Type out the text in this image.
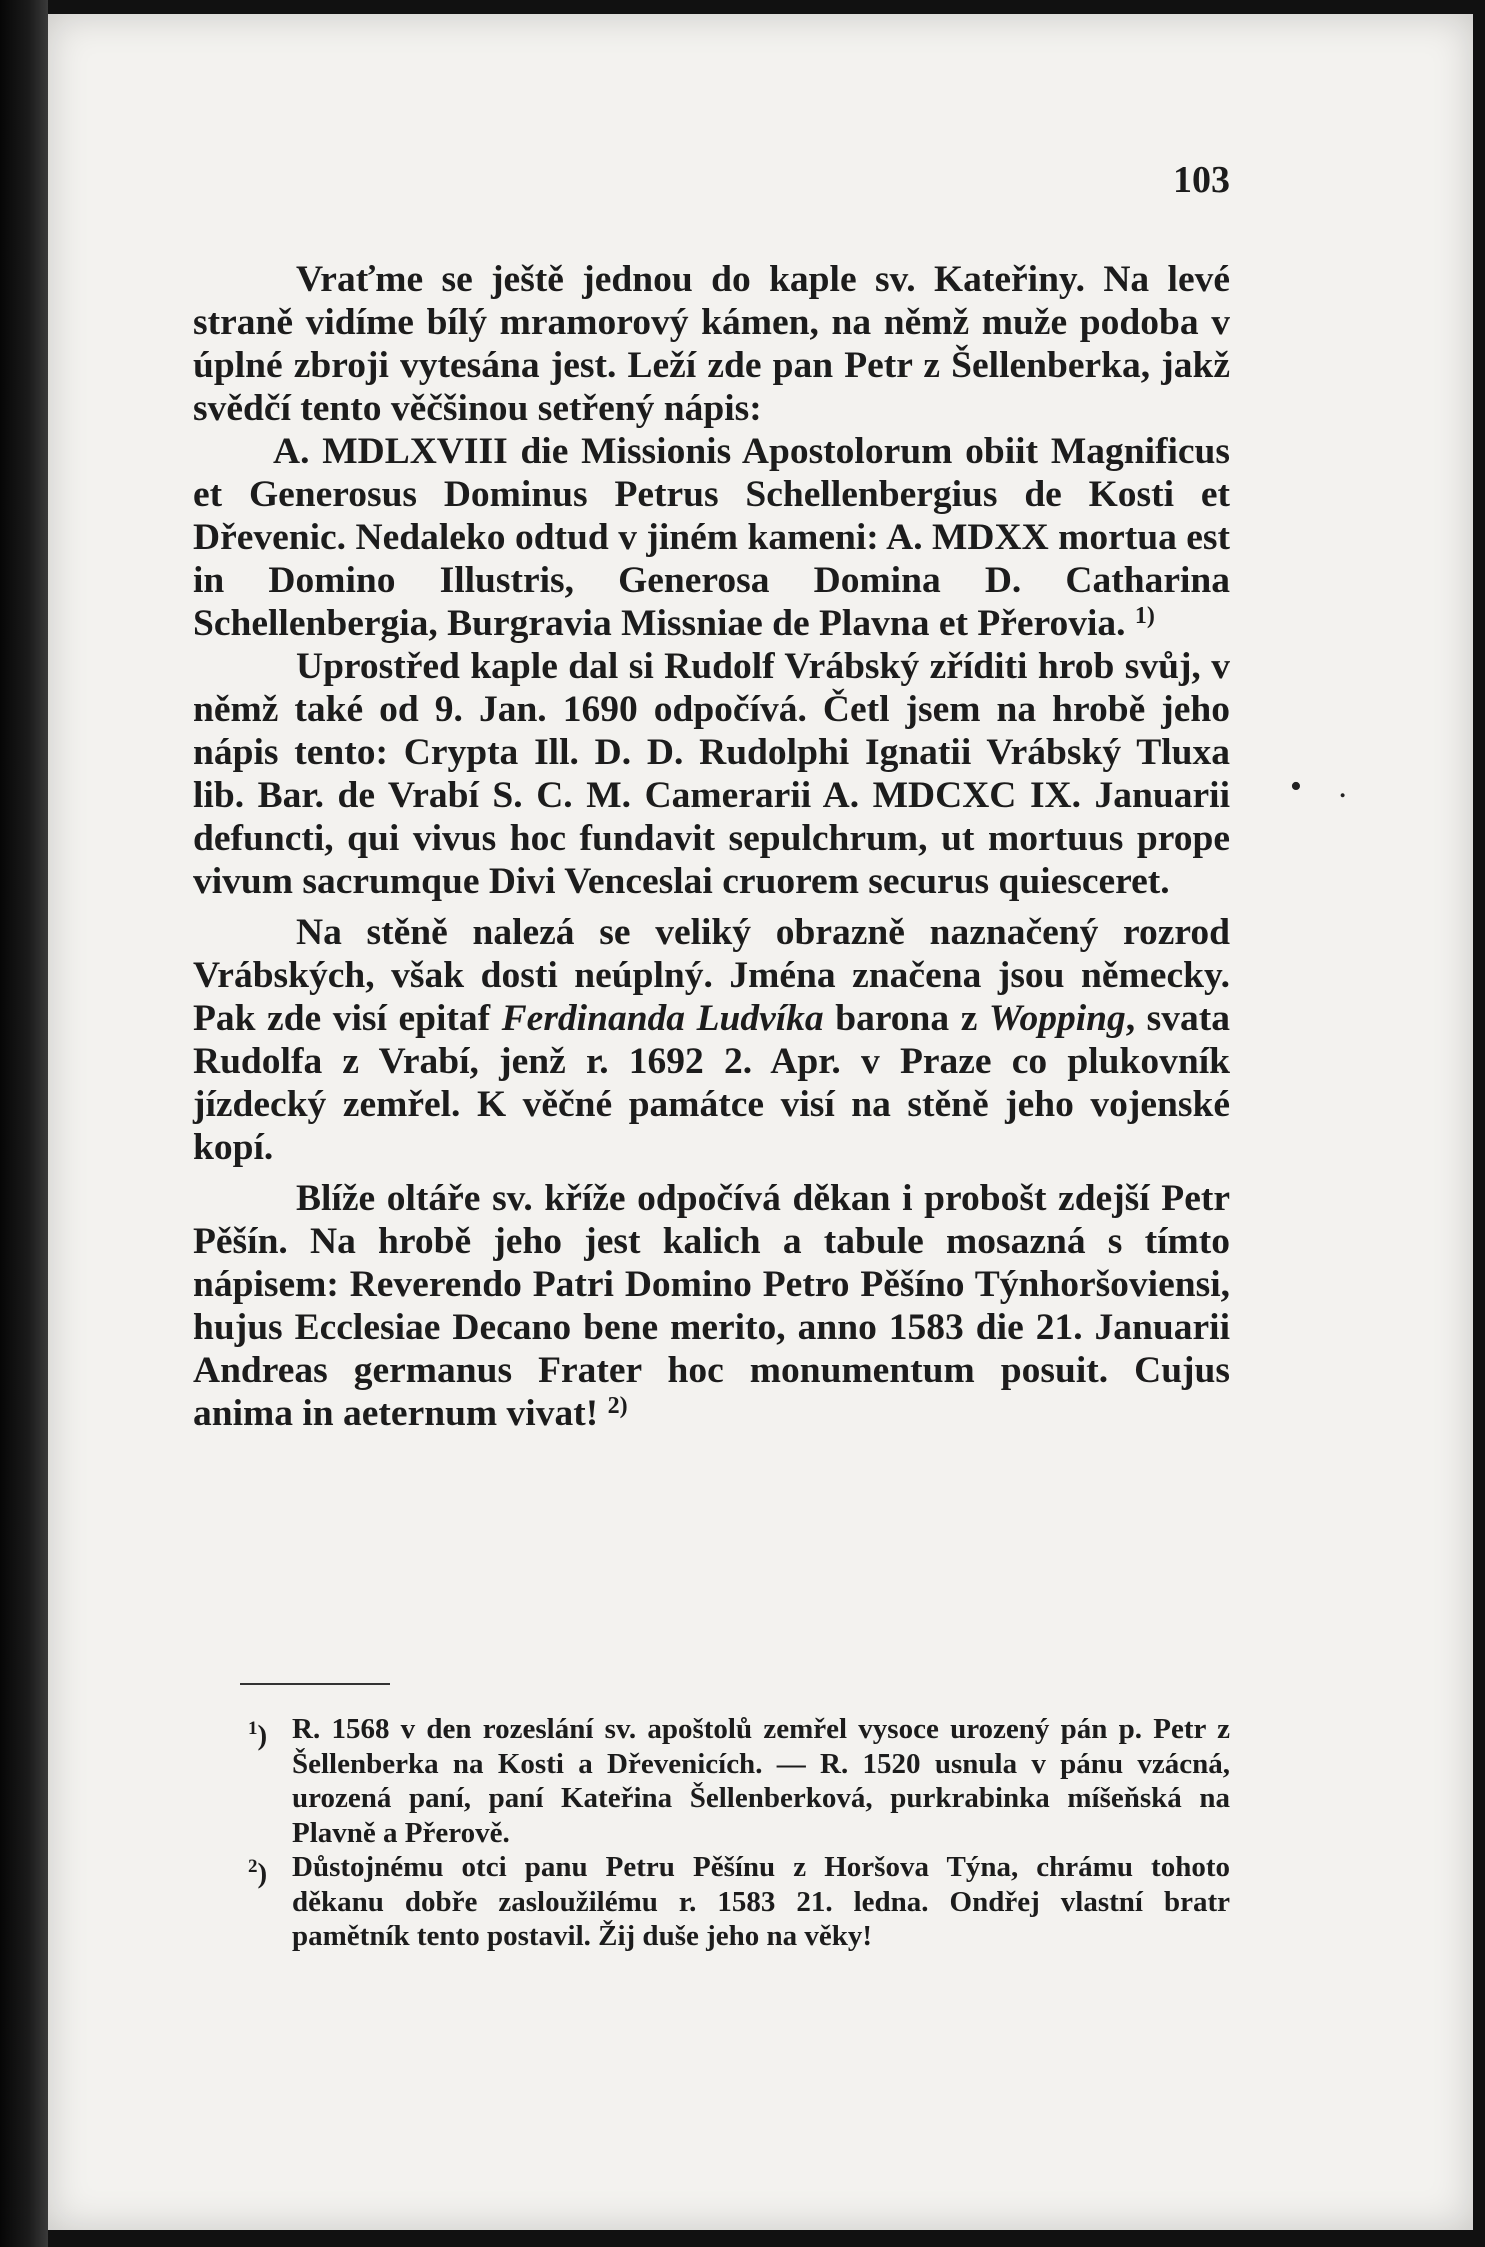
103
• .

Vraťme se ještě jednou do kaple sv. Kateřiny. Na levé straně vidíme bílý mramorový kámen, na němž muže podoba v úplné zbroji vytesána jest. Leží zde pan Petr z Šellenberka, jakž svědčí tento věčšinou setřený nápis:

A. MDLXVIII die Missionis Apostolorum obiit Magnificus et Generosus Dominus Petrus Schellenbergius de Kosti et Dřevenic. Nedaleko odtud v jiném kameni: A. MDXX mortua est in Domino Illustris, Generosa Domina D. Catharina Schellenbergia, Burgravia Missniae de Plavna et Přerovia. $^{1)}$

Uprostřed kaple dal si Rudolf Vrábský zříditi hrob svůj, v němž také od 9. Jan. 1690 odpočívá. Četl jsem na hrobě jeho nápis tento: Crypta Ill. D. D. Rudolphi Ignatii Vrábský Tluxa lib. Bar. de Vrabí S. C. M. Camerarii A. MDCXC IX. Januarii defuncti, qui vivus hoc fundavit sepulchrum, ut mortuus prope vivum sacrumque Divi Venceslai cruorem securus quiesceret.

Na stěně nalezá se veliký obrazně naznačený rozrod Vrábských, však dosti neúplný. Jména značena jsou německy. Pak zde visí epitaf Ferdinanda Ludvíka barona z Wopping, svata Rudolfa z Vrabí, jenž r. 1692 2. Apr. v Praze co plukovník jízdecký zemřel. K věčné památce visí na stěně jeho vojenské kopí.

Blíže oltáře sv. kříže odpočívá děkan i probošt zdejší Petr Pěšín. Na hrobě jeho jest kalich a tabule mosazná s tímto nápisem: Reverendo Patri Domino Petro Pěšíno Týnhoršoviensi, hujus Ecclesiae Decano bene merito, anno 1583 die 21. Januarii Andreas germanus Frater hoc monumentum posuit. Cujus anima in aeternum vivat! $^{2)}$

$^1$) R. 1568 v den rozeslání sv. apoštolů zemřel vysoce urozený pán p. Petr z Šellenberka na Kosti a Dřevenicích. — R. 1520 usnula v pánu vzácná, urozená paní, paní Kateřina Šellenberková, purkrabinka míšeňská na Plavně a Přerově.
$^2$) Důstojnému otci panu Petru Pěšínu z Horšova Týna, chrámu tohoto děkanu dobře zasloužilému r. 1583 21. ledna. Ondřej vlastní bratr pamětník tento postavil. Žij duše jeho na věky!
